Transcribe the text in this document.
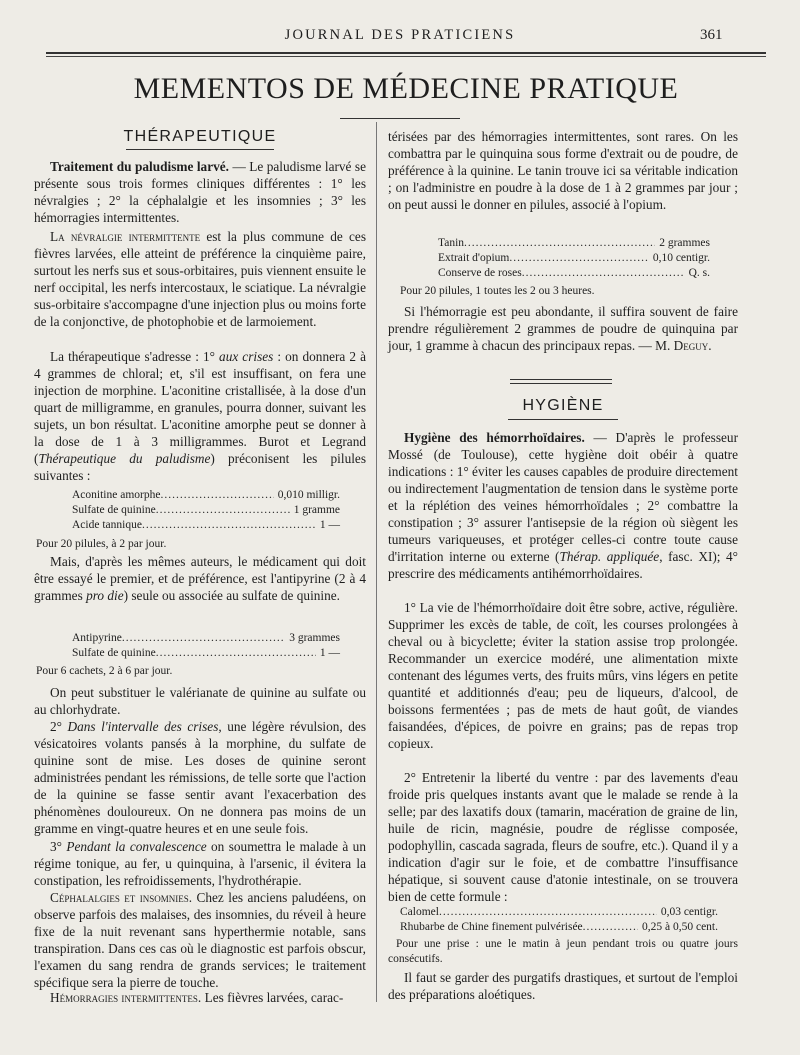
JOURNAL DES PRATICIENS	361
MEMENTOS DE MÉDECINE PRATIQUE
THÉRAPEUTIQUE
Traitement du paludisme larvé. — Le paludisme larvé se présente sous trois formes cliniques différentes : 1° les névralgies ; 2° la céphalalgie et les insomnies ; 3° les hémorragies intermittentes.
La névralgie intermittente est la plus commune de ces fièvres larvées, elle atteint de préférence la cinquième paire, surtout les nerfs sus et sous-orbitaires, puis viennent ensuite le nerf occipital, les nerfs intercostaux, le sciatique. La névralgie sus-orbitaire s'accompagne d'une injection plus ou moins forte de la conjonctive, de photophobie et de larmoiement.
La thérapeutique s'adresse : 1° aux crises : on donnera 2 à 4 grammes de chloral; et, s'il est insuffisant, on fera une injection de morphine. L'aconitine cristallisée, à la dose d'un quart de milligramme, en granules, pourra donner, suivant les sujets, un bon résultat. L'aconitine amorphe peut se donner à la dose de 1 à 3 milligrammes. Burot et Legrand (Thérapeutique du paludisme) préconisent les pilules suivantes :
Aconitine amorphe .....	0,010 milligr.
Sulfate de quinine .....	1 gramme
Acide tannique .....	1 —
Pour 20 pilules, à 2 par jour.
Mais, d'après les mêmes auteurs, le médicament qui doit être essayé le premier, et de préférence, est l'antipyrine (2 à 4 grammes pro die) seule ou associée au sulfate de quinine.
Antipyrine .....	3 grammes
Sulfate de quinine .....	1 —
Pour 6 cachets, 2 à 6 par jour.
On peut substituer le valérianate de quinine au sulfate ou au chlorhydrate.
2° Dans l'intervalle des crises, une légère révulsion, des vésicatoires volants pansés à la morphine, du sulfate de quinine sont de mise. Les doses de quinine seront administrées pendant les rémissions, de telle sorte que l'action de la quinine se fasse sentir avant l'exacerbation des phénomènes douloureux. On ne donnera pas moins de un gramme en vingt-quatre heures et en une seule fois.
3° Pendant la convalescence on soumettra le malade à un régime tonique, au fer, u quinquina, à l'arsenic, il évitera la constipation, les refroidissements, l'hydrothérapie.
Céphalalgies et insomnies. Chez les anciens paludéens, on observe parfois des malaises, des insomnies, du réveil à heure fixe de la nuit revenant sans hyperthermie notable, sans transpiration. Dans ces cas où le diagnostic est parfois obscur, l'examen du sang rendra de grands services; le traitement spécifique sera la pierre de touche.
Hémorragies intermittentes. Les fièvres larvées, carac-
térisées par des hémorragies intermittentes, sont rares. On les combattra par le quinquina sous forme d'extrait ou de poudre, de préférence à la quinine. Le tanin trouve ici sa véritable indication ; on l'administre en poudre à la dose de 1 à 2 grammes par jour ; on peut aussi le donner en pilules, associé à l'opium.
Tanin .....	2 grammes
Extrait d'opium .....	0,10 centigr.
Conserve de roses .....	Q. s.
Pour 20 pilules, 1 toutes les 2 ou 3 heures.
Si l'hémorragie est peu abondante, il suffira souvent de faire prendre régulièrement 2 grammes de poudre de quinquina par jour, 1 gramme à chacun des principaux repas. — M. Deguy.
HYGIÈNE
Hygiène des hémorrhoïdaires. — D'après le professeur Mossé (de Toulouse), cette hygiène doit obéir à quatre indications : 1° éviter les causes capables de produire directement ou indirectement l'augmentation de tension dans le système porte et la réplétion des veines hémorrhoïdales ; 2° combattre la constipation ; 3° assurer l'antisepsie de la région où siègent les tumeurs variqueuses, et protéger celles-ci contre toute cause d'irritation interne ou externe (Thérap. appliquée, fasc. XI); 4° prescrire des médicaments antihémorrhoïdaires.
1° La vie de l'hémorrhoïdaire doit être sobre, active, régulière. Supprimer les excès de table, de coït, les courses prolongées à cheval ou à bicyclette; éviter la station assise trop prolongée. Recommander un exercice modéré, une alimentation mixte contenant des légumes verts, des fruits mûrs, vins légers en petite quantité et additionnés d'eau; peu de liqueurs, d'alcool, de boissons fermentées ; pas de mets de haut goût, de viandes faisandées, d'épices, de poivre en grains; pas de repas trop copieux.
2° Entretenir la liberté du ventre : par des lavements d'eau froide pris quelques instants avant que le malade se rende à la selle; par des laxatifs doux (tamarin, macération de graine de lin, huile de ricin, magnésie, poudre de réglisse composée, podophyllin, cascada sagrada, fleurs de soufre, etc.). Quand il y a indication d'agir sur le foie, et de combattre l'insuffisance hépatique, si souvent cause d'atonie intestinale, on se trouvera bien de cette formule :
Calomel .....	0,03 centigr.
Rhubarbe de Chine finement pulvérisée .....	0,25 à 0,50 cent.
Pour une prise : une le matin à jeun pendant trois ou quatre jours consécutifs.
Il faut se garder des purgatifs drastiques, et surtout de l'emploi des préparations aloétiques.
